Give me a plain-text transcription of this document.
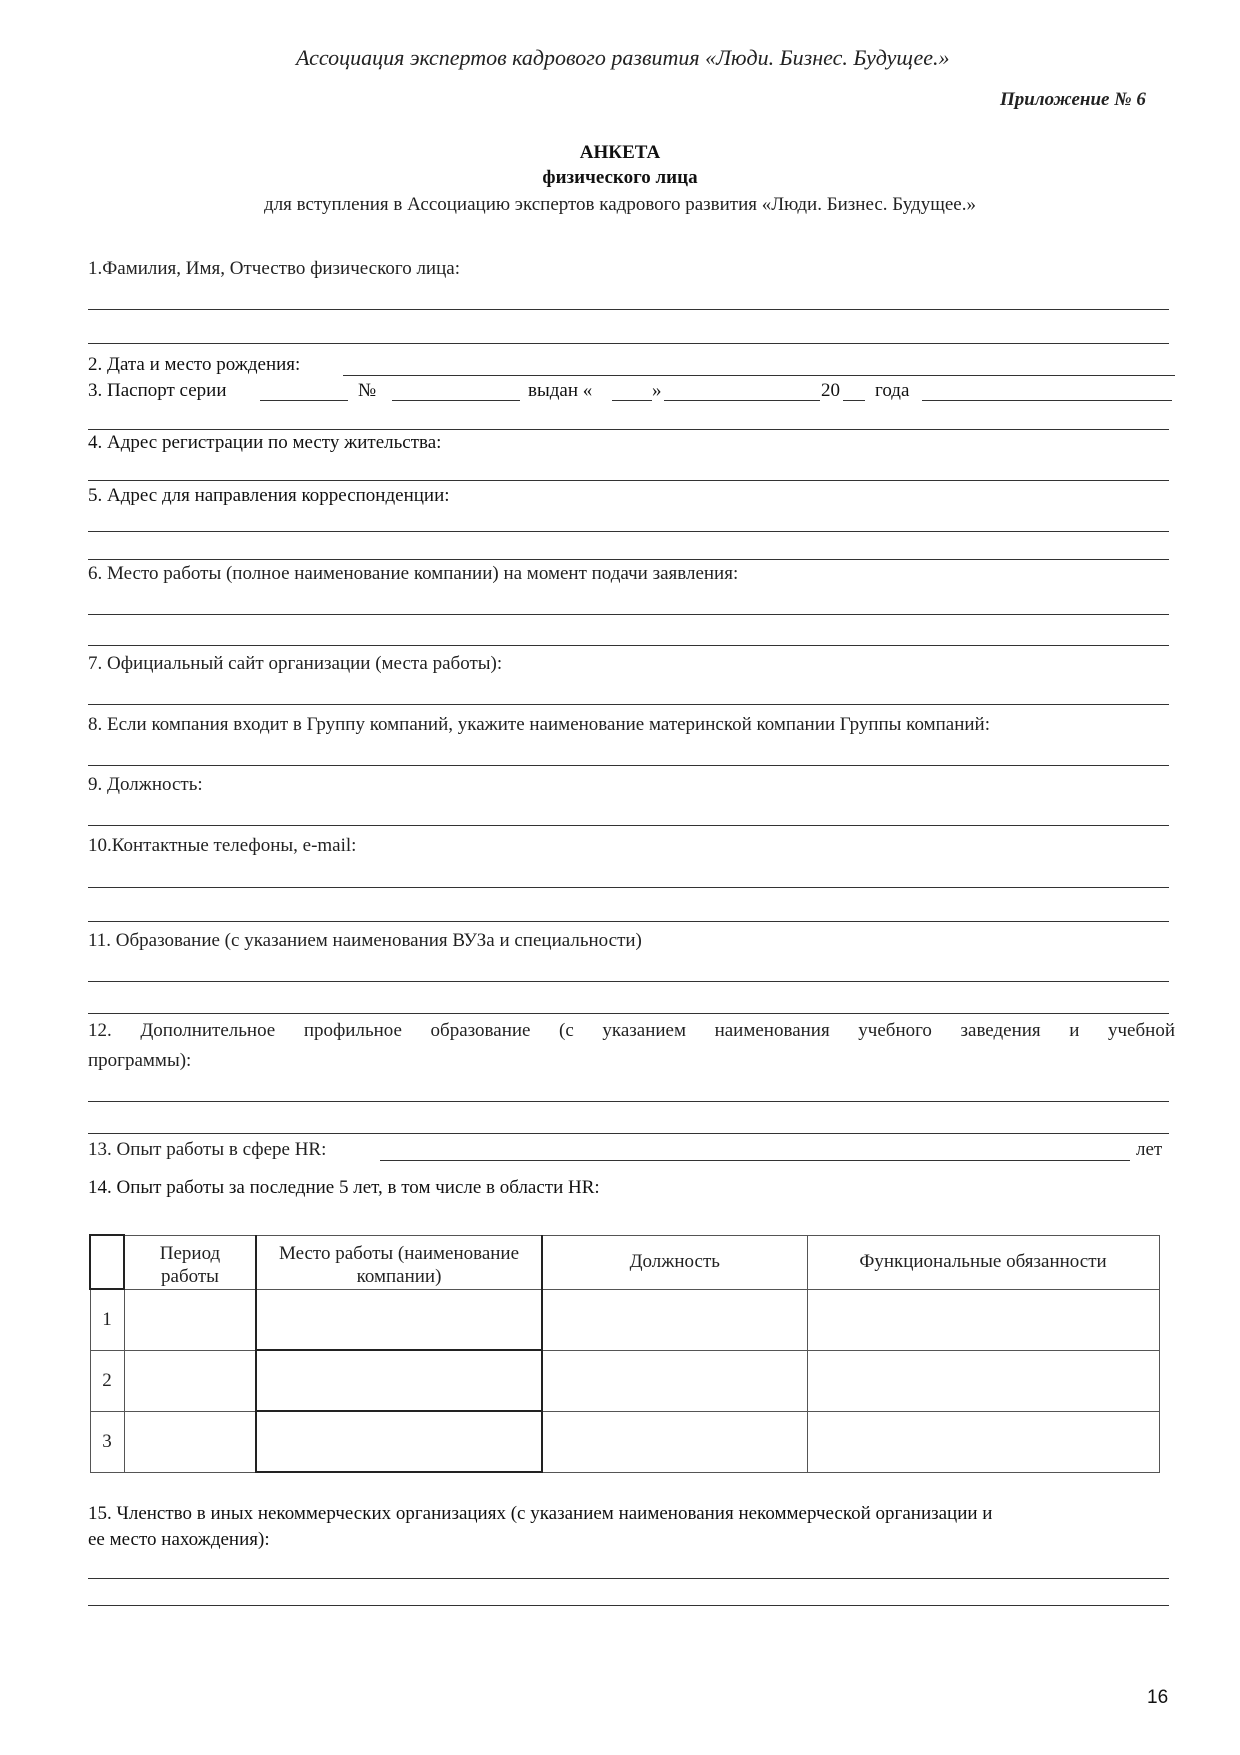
Ассоциация экспертов кадрового развития «Люди. Бизнес. Будущее.»
Приложение № 6
АНКЕТА
физического лица
для вступления в Ассоциацию экспертов кадрового развития «Люди. Бизнес. Будущее.»
1.Фамилия, Имя, Отчество физического лица:
2. Дата и место рождения:
3. Паспорт серии	№	выдан «	»	20 года
4. Адрес регистрации по месту жительства:
5. Адрес для направления корреспонденции:
6. Место работы (полное наименование компании) на момент подачи заявления:
7. Официальный сайт организации (места работы):
8. Если компания входит в Группу компаний, укажите наименование материнской компании Группы компаний:
9. Должность:
10.Контактные телефоны, e-mail:
11. Образование (с указанием наименования ВУЗа и специальности)
12. Дополнительное профильное образование (с указанием наименования учебного заведения и учебной
программы):
13. Опыт работы в сфере HR:	лет
14. Опыт работы за последние 5 лет, в том числе в области HR:
	Период работы	Место работы (наименование компании)	Должность	Функциональные обязанности
1				
2				
3				
15. Членство в иных некоммерческих организациях (с указанием наименования некоммерческой организации и
ее место нахождения):
16
